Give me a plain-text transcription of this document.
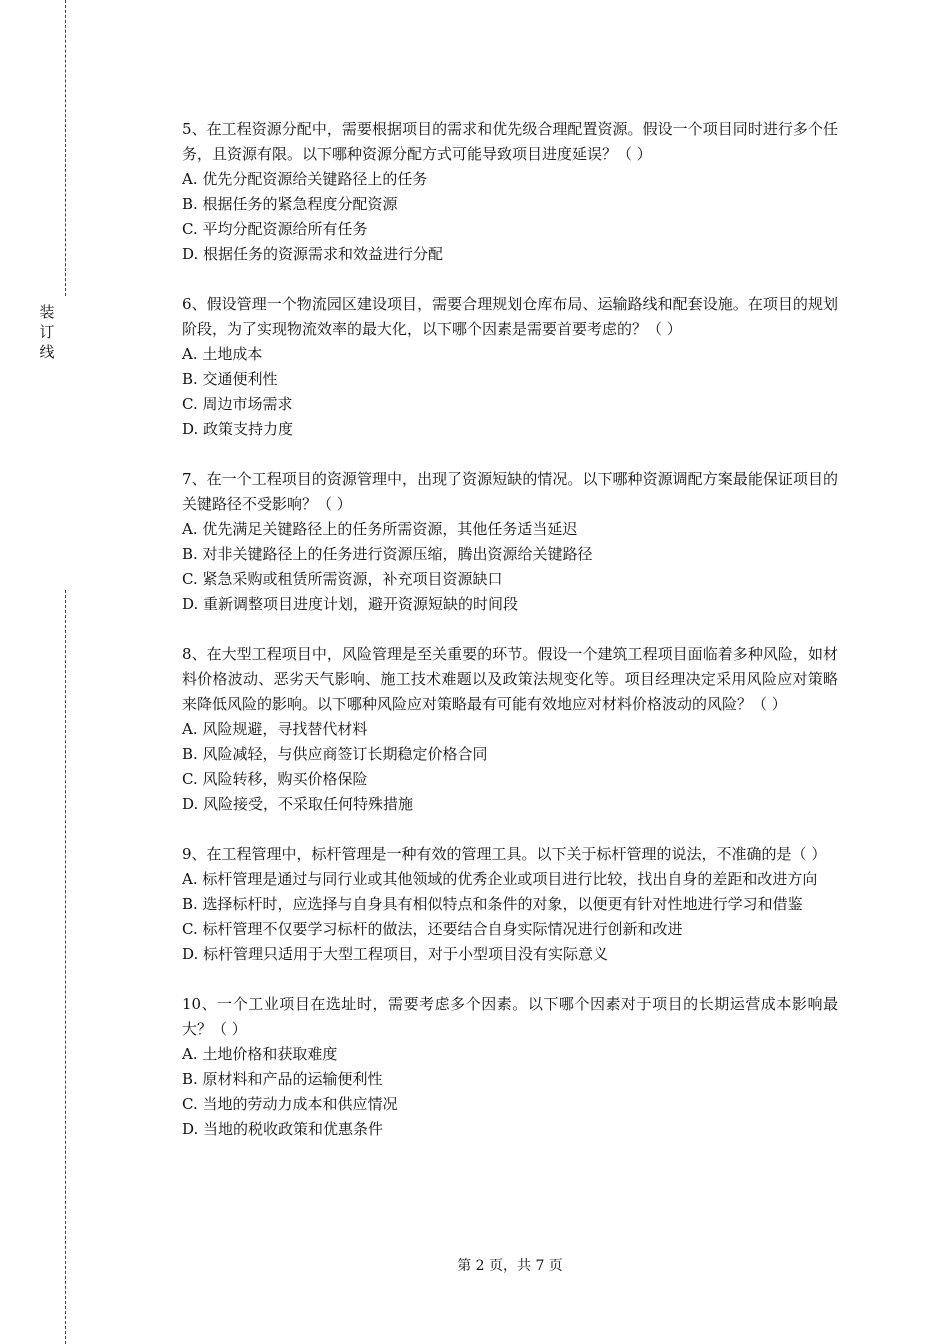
装
订
线
5、在工程资源分配中，需要根据项目的需求和优先级合理配置资源。假设一个项目同时进行多个任务，且资源有限。以下哪种资源分配方式可能导致项目进度延误？（ ）
A. 优先分配资源给关键路径上的任务
B. 根据任务的紧急程度分配资源
C. 平均分配资源给所有任务
D. 根据任务的资源需求和效益进行分配
6、假设管理一个物流园区建设项目，需要合理规划仓库布局、运输路线和配套设施。在项目的规划阶段，为了实现物流效率的最大化，以下哪个因素是需要首要考虑的？（ ）
A. 土地成本
B. 交通便利性
C. 周边市场需求
D. 政策支持力度
7、在一个工程项目的资源管理中，出现了资源短缺的情况。以下哪种资源调配方案最能保证项目的关键路径不受影响？（ ）
A. 优先满足关键路径上的任务所需资源，其他任务适当延迟
B. 对非关键路径上的任务进行资源压缩，腾出资源给关键路径
C. 紧急采购或租赁所需资源，补充项目资源缺口
D. 重新调整项目进度计划，避开资源短缺的时间段
8、在大型工程项目中，风险管理是至关重要的环节。假设一个建筑工程项目面临着多种风险，如材料价格波动、恶劣天气影响、施工技术难题以及政策法规变化等。项目经理决定采用风险应对策略来降低风险的影响。以下哪种风险应对策略最有可能有效地应对材料价格波动的风险？（ ）
A. 风险规避，寻找替代材料
B. 风险减轻，与供应商签订长期稳定价格合同
C. 风险转移，购买价格保险
D. 风险接受，不采取任何特殊措施
9、在工程管理中，标杆管理是一种有效的管理工具。以下关于标杆管理的说法，不准确的是（ ）
A. 标杆管理是通过与同行业或其他领域的优秀企业或项目进行比较，找出自身的差距和改进方向
B. 选择标杆时，应选择与自身具有相似特点和条件的对象，以便更有针对性地进行学习和借鉴
C. 标杆管理不仅要学习标杆的做法，还要结合自身实际情况进行创新和改进
D. 标杆管理只适用于大型工程项目，对于小型项目没有实际意义
10、一个工业项目在选址时，需要考虑多个因素。以下哪个因素对于项目的长期运营成本影响最大？（ ）
A. 土地价格和获取难度
B. 原材料和产品的运输便利性
C. 当地的劳动力成本和供应情况
D. 当地的税收政策和优惠条件
第 2 页，共 7 页
